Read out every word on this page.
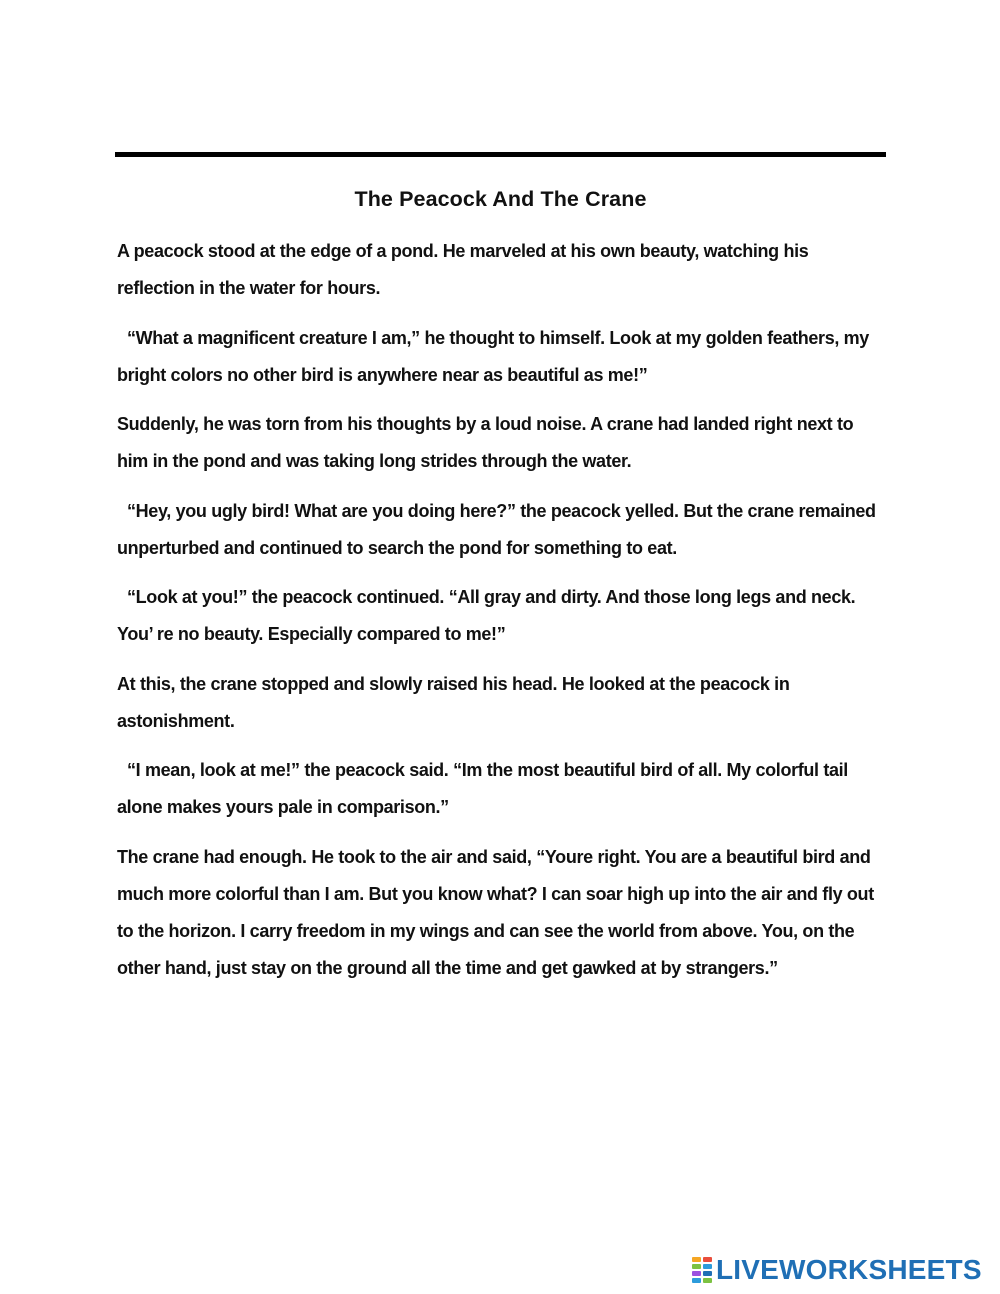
The Peacock And The Crane

A peacock stood at the edge of a pond. He marveled at his own beauty, watching his reflection in the water for hours.

“What a magnificent creature I am,” he thought to himself. Look at my golden feathers, my bright colors no other bird is anywhere near as beautiful as me!”

Suddenly, he was torn from his thoughts by a loud noise. A crane had landed right next to him in the pond and was taking long strides through the water.

“Hey, you ugly bird! What are you doing here?” the peacock yelled. But the crane remained unperturbed and continued to search the pond for something to eat.

“Look at you!” the peacock continued. “All gray and dirty. And those long legs and neck. You’ re no beauty. Especially compared to me!”

At this, the crane stopped and slowly raised his head. He looked at the peacock in astonishment.

“I mean, look at me!” the peacock said. “Im the most beautiful bird of all. My colorful tail alone makes yours pale in comparison.”

The crane had enough. He took to the air and said, “Youre right. You are a beautiful bird and much more colorful than I am. But you know what? I can soar high up into the air and fly out to the horizon. I carry freedom in my wings and can see the world from above. You, on the other hand, just stay on the ground all the time and get gawked at by strangers.”

LIVEWORKSHEETS
